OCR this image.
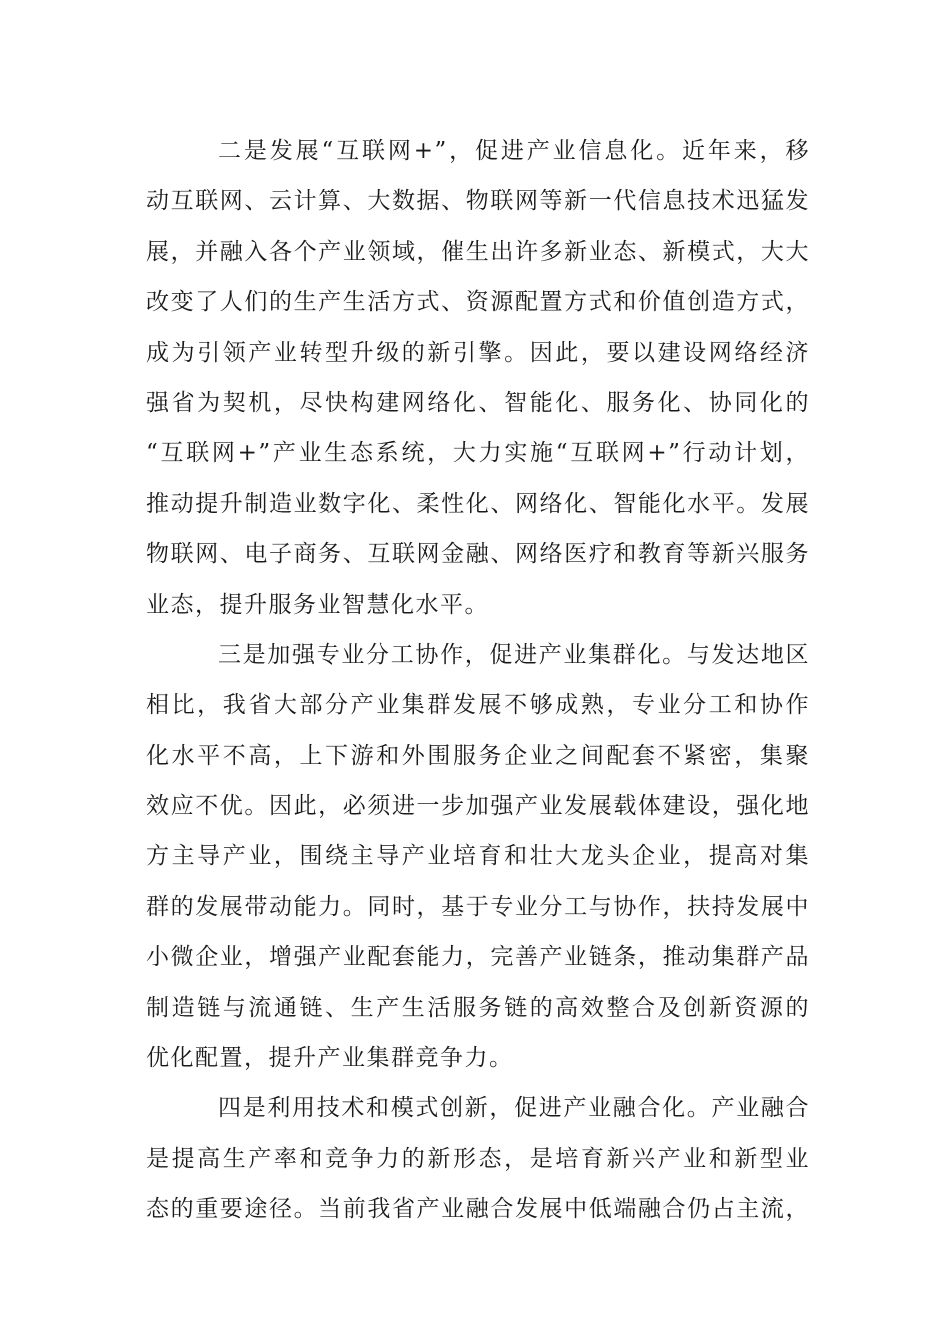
二是发展“互联网+”，促进产业信息化。近年来，移
动互联网、云计算、大数据、物联网等新一代信息技术迅猛发
展，并融入各个产业领域，催生出许多新业态、新模式，大大
改变了人们的生产生活方式、资源配置方式和价值创造方式，
成为引领产业转型升级的新引擎。因此，要以建设网络经济
强省为契机，尽快构建网络化、智能化、服务化、协同化的
“互联网+”产业生态系统，大力实施“互联网+”行动计划，
推动提升制造业数字化、柔性化、网络化、智能化水平。发展
物联网、电子商务、互联网金融、网络医疗和教育等新兴服务
业态，提升服务业智慧化水平。
三是加强专业分工协作，促进产业集群化。与发达地区
相比，我省大部分产业集群发展不够成熟，专业分工和协作
化水平不高，上下游和外围服务企业之间配套不紧密，集聚
效应不优。因此，必须进一步加强产业发展载体建设，强化地
方主导产业，围绕主导产业培育和壮大龙头企业，提高对集
群的发展带动能力。同时，基于专业分工与协作，扶持发展中
小微企业，增强产业配套能力，完善产业链条，推动集群产品
制造链与流通链、生产生活服务链的高效整合及创新资源的
优化配置，提升产业集群竞争力。
四是利用技术和模式创新，促进产业融合化。产业融合
是提高生产率和竞争力的新形态，是培育新兴产业和新型业
态的重要途径。当前我省产业融合发展中低端融合仍占主流，
